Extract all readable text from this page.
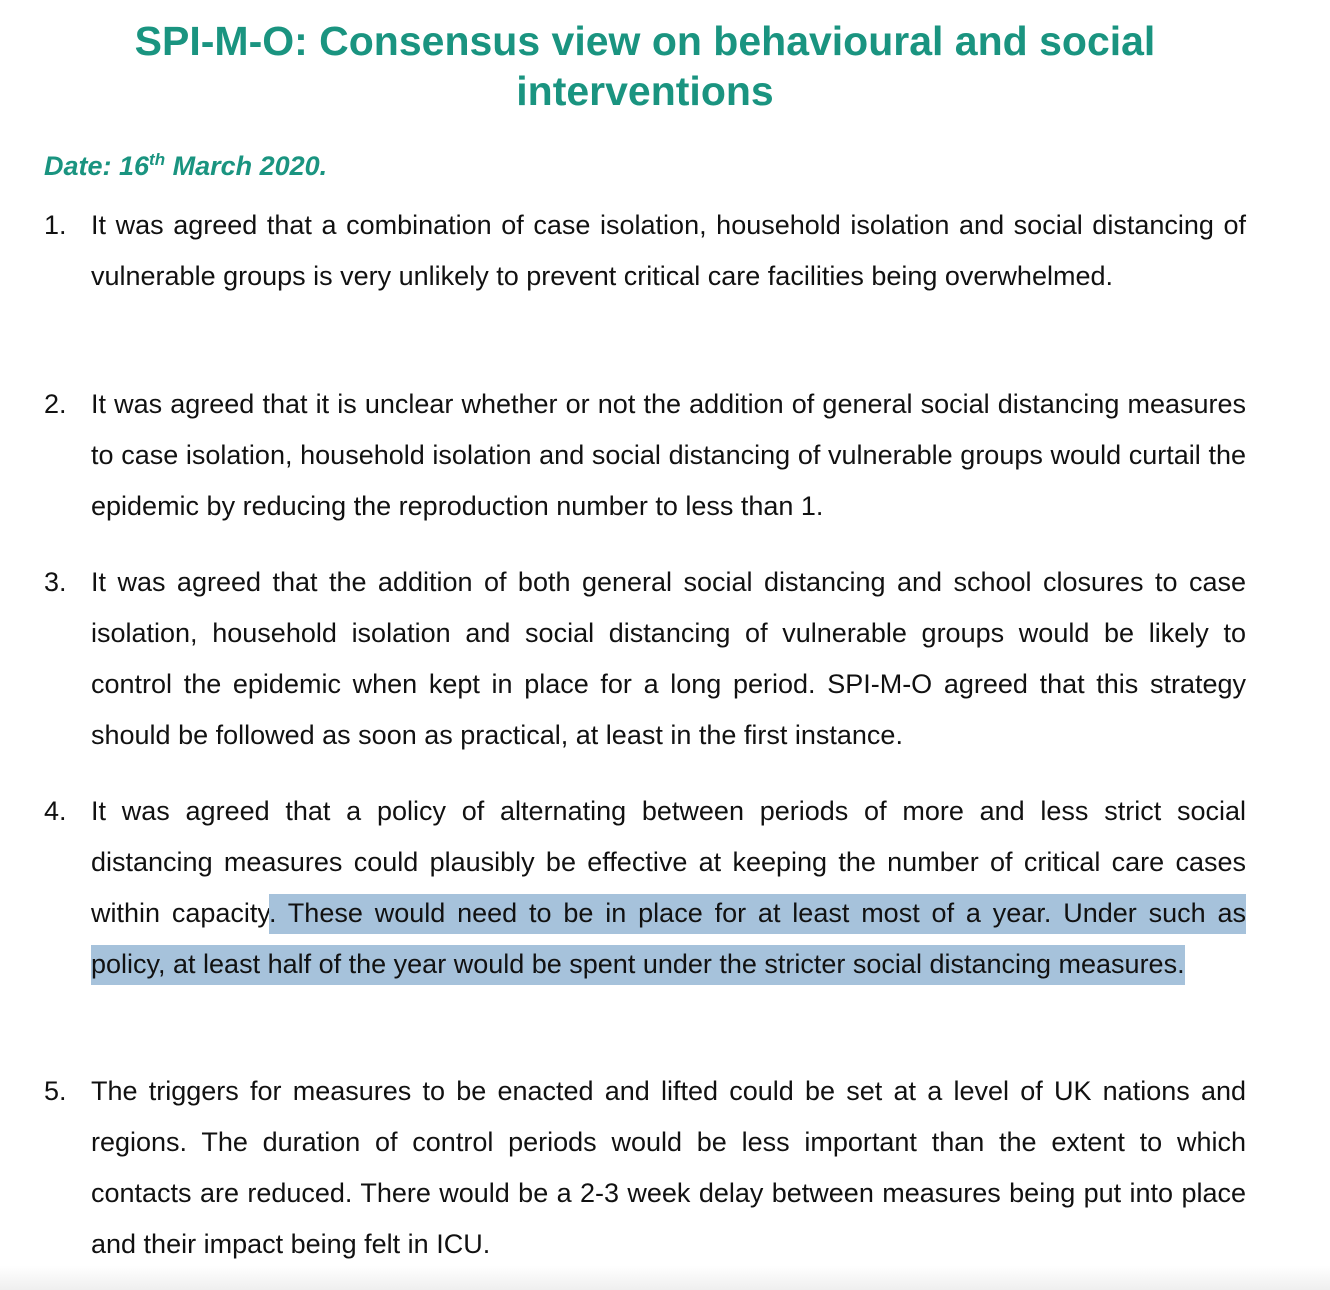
SPI-M-O: Consensus view on behavioural and social interventions
Date: 16th March 2020.
1. It was agreed that a combination of case isolation, household isolation and social distancing of vulnerable groups is very unlikely to prevent critical care facilities being overwhelmed.
2. It was agreed that it is unclear whether or not the addition of general social distancing measures to case isolation, household isolation and social distancing of vulnerable groups would curtail the epidemic by reducing the reproduction number to less than 1.
3. It was agreed that the addition of both general social distancing and school closures to case isolation, household isolation and social distancing of vulnerable groups would be likely to control the epidemic when kept in place for a long period. SPI-M-O agreed that this strategy should be followed as soon as practical, at least in the first instance.
4. It was agreed that a policy of alternating between periods of more and less strict social distancing measures could plausibly be effective at keeping the number of critical care cases within capacity. These would need to be in place for at least most of a year. Under such as policy, at least half of the year would be spent under the stricter social distancing measures.
5. The triggers for measures to be enacted and lifted could be set at a level of UK nations and regions. The duration of control periods would be less important than the extent to which contacts are reduced. There would be a 2-3 week delay between measures being put into place and their impact being felt in ICU.
